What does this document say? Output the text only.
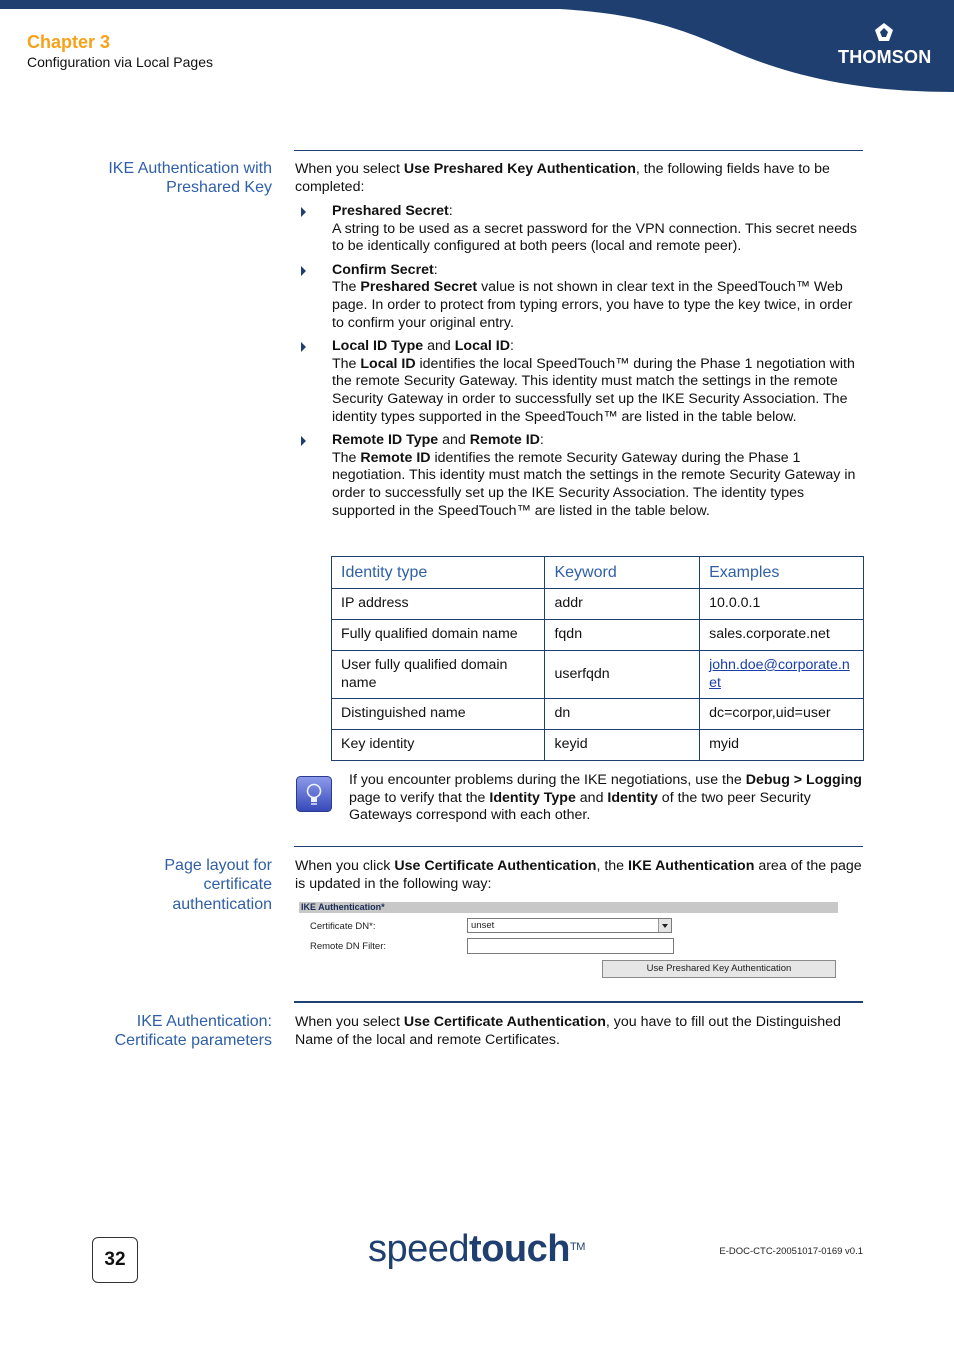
Chapter 3
Configuration via Local Pages	THOMSON
IKE Authentication with
Preshared Key
When you select Use Preshared Key Authentication, the following fields have to be completed:
Preshared Secret:
A string to be used as a secret password for the VPN connection. This secret needs to be identically configured at both peers (local and remote peer).
Confirm Secret:
The Preshared Secret value is not shown in clear text in the SpeedTouch™ Web page. In order to protect from typing errors, you have to type the key twice, in order to confirm your original entry.
Local ID Type and Local ID:
The Local ID identifies the local SpeedTouch™ during the Phase 1 negotiation with the remote Security Gateway. This identity must match the settings in the remote Security Gateway in order to successfully set up the IKE Security Association. The identity types supported in the SpeedTouch™ are listed in the table below.
Remote ID Type and Remote ID:
The Remote ID identifies the remote Security Gateway during the Phase 1 negotiation. This identity must match the settings in the remote Security Gateway in order to successfully set up the IKE Security Association. The identity types supported in the SpeedTouch™ are listed in the table below.
Identity type	Keyword	Examples
IP address	addr	10.0.0.1
Fully qualified domain name	fqdn	sales.corporate.net
User fully qualified domain name	userfqdn	john.doe@corporate.net
Distinguished name	dn	dc=corpor,uid=user
Key identity	keyid	myid
If you encounter problems during the IKE negotiations, use the Debug > Logging page to verify that the Identity Type and Identity of the two peer Security Gateways correspond with each other.
Page layout for
certificate
authentication
When you click Use Certificate Authentication, the IKE Authentication area of the page is updated in the following way:
IKE Authentication*
Certificate DN*:	unset
Remote DN Filter:
Use Preshared Key Authentication
IKE Authentication:
Certificate parameters
When you select Use Certificate Authentication, you have to fill out the Distinguished Name of the local and remote Certificates.
32	speedtouch™	E-DOC-CTC-20051017-0169 v0.1
